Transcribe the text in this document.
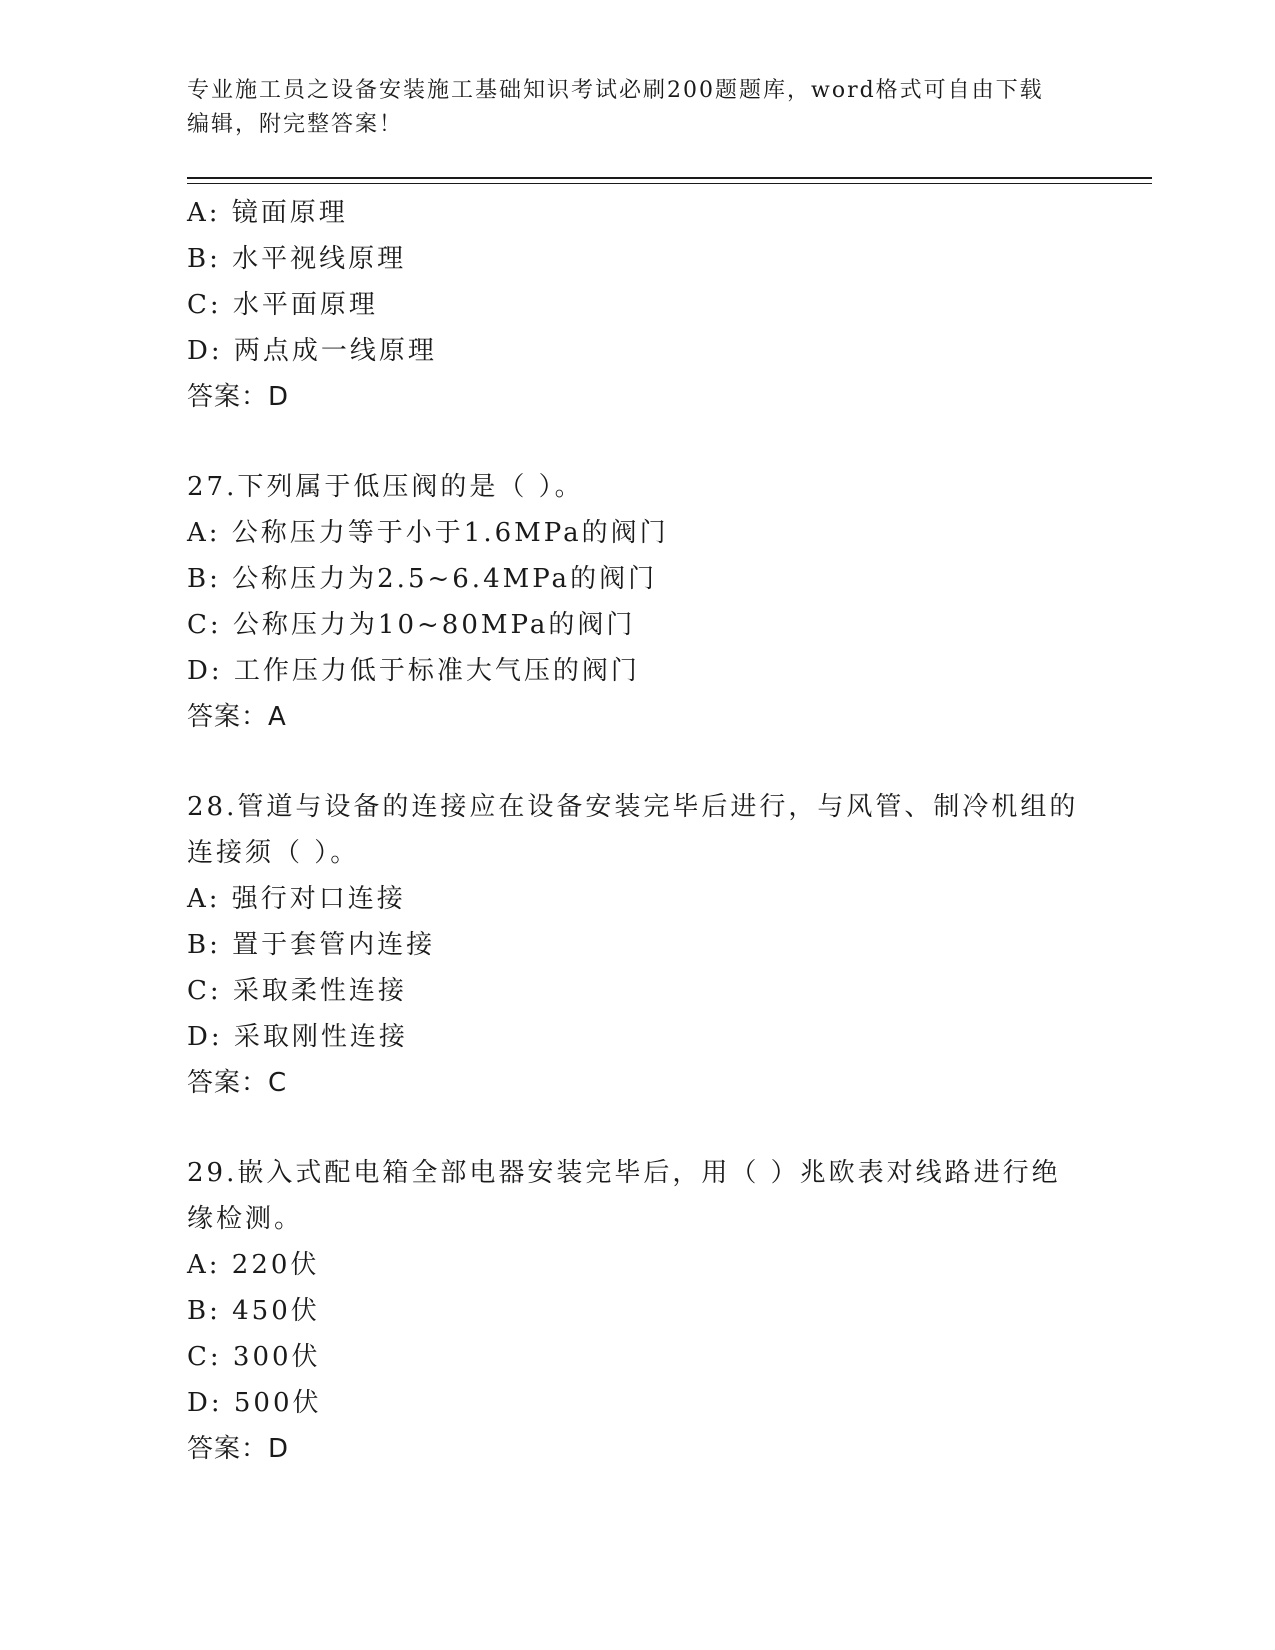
专业施工员之设备安装施工基础知识考试必刷200题题库，word格式可自由下载
编辑，附完整答案！
A: 镜面原理
B: 水平视线原理
C: 水平面原理
D: 两点成一线原理
答案：D
27.下列属于低压阀的是（ ）。
A: 公称压力等于小于1.6MPa的阀门
B: 公称压力为2.5~6.4MPa的阀门
C: 公称压力为10~80MPa的阀门
D: 工作压力低于标准大气压的阀门
答案：A
28.管道与设备的连接应在设备安装完毕后进行，与风管、制冷机组的
连接须（ ）。
A: 强行对口连接
B: 置于套管内连接
C: 采取柔性连接
D: 采取刚性连接
答案：C
29.嵌入式配电箱全部电器安装完毕后，用（ ）兆欧表对线路进行绝
缘检测。
A: 220伏
B: 450伏
C: 300伏
D: 500伏
答案：D
